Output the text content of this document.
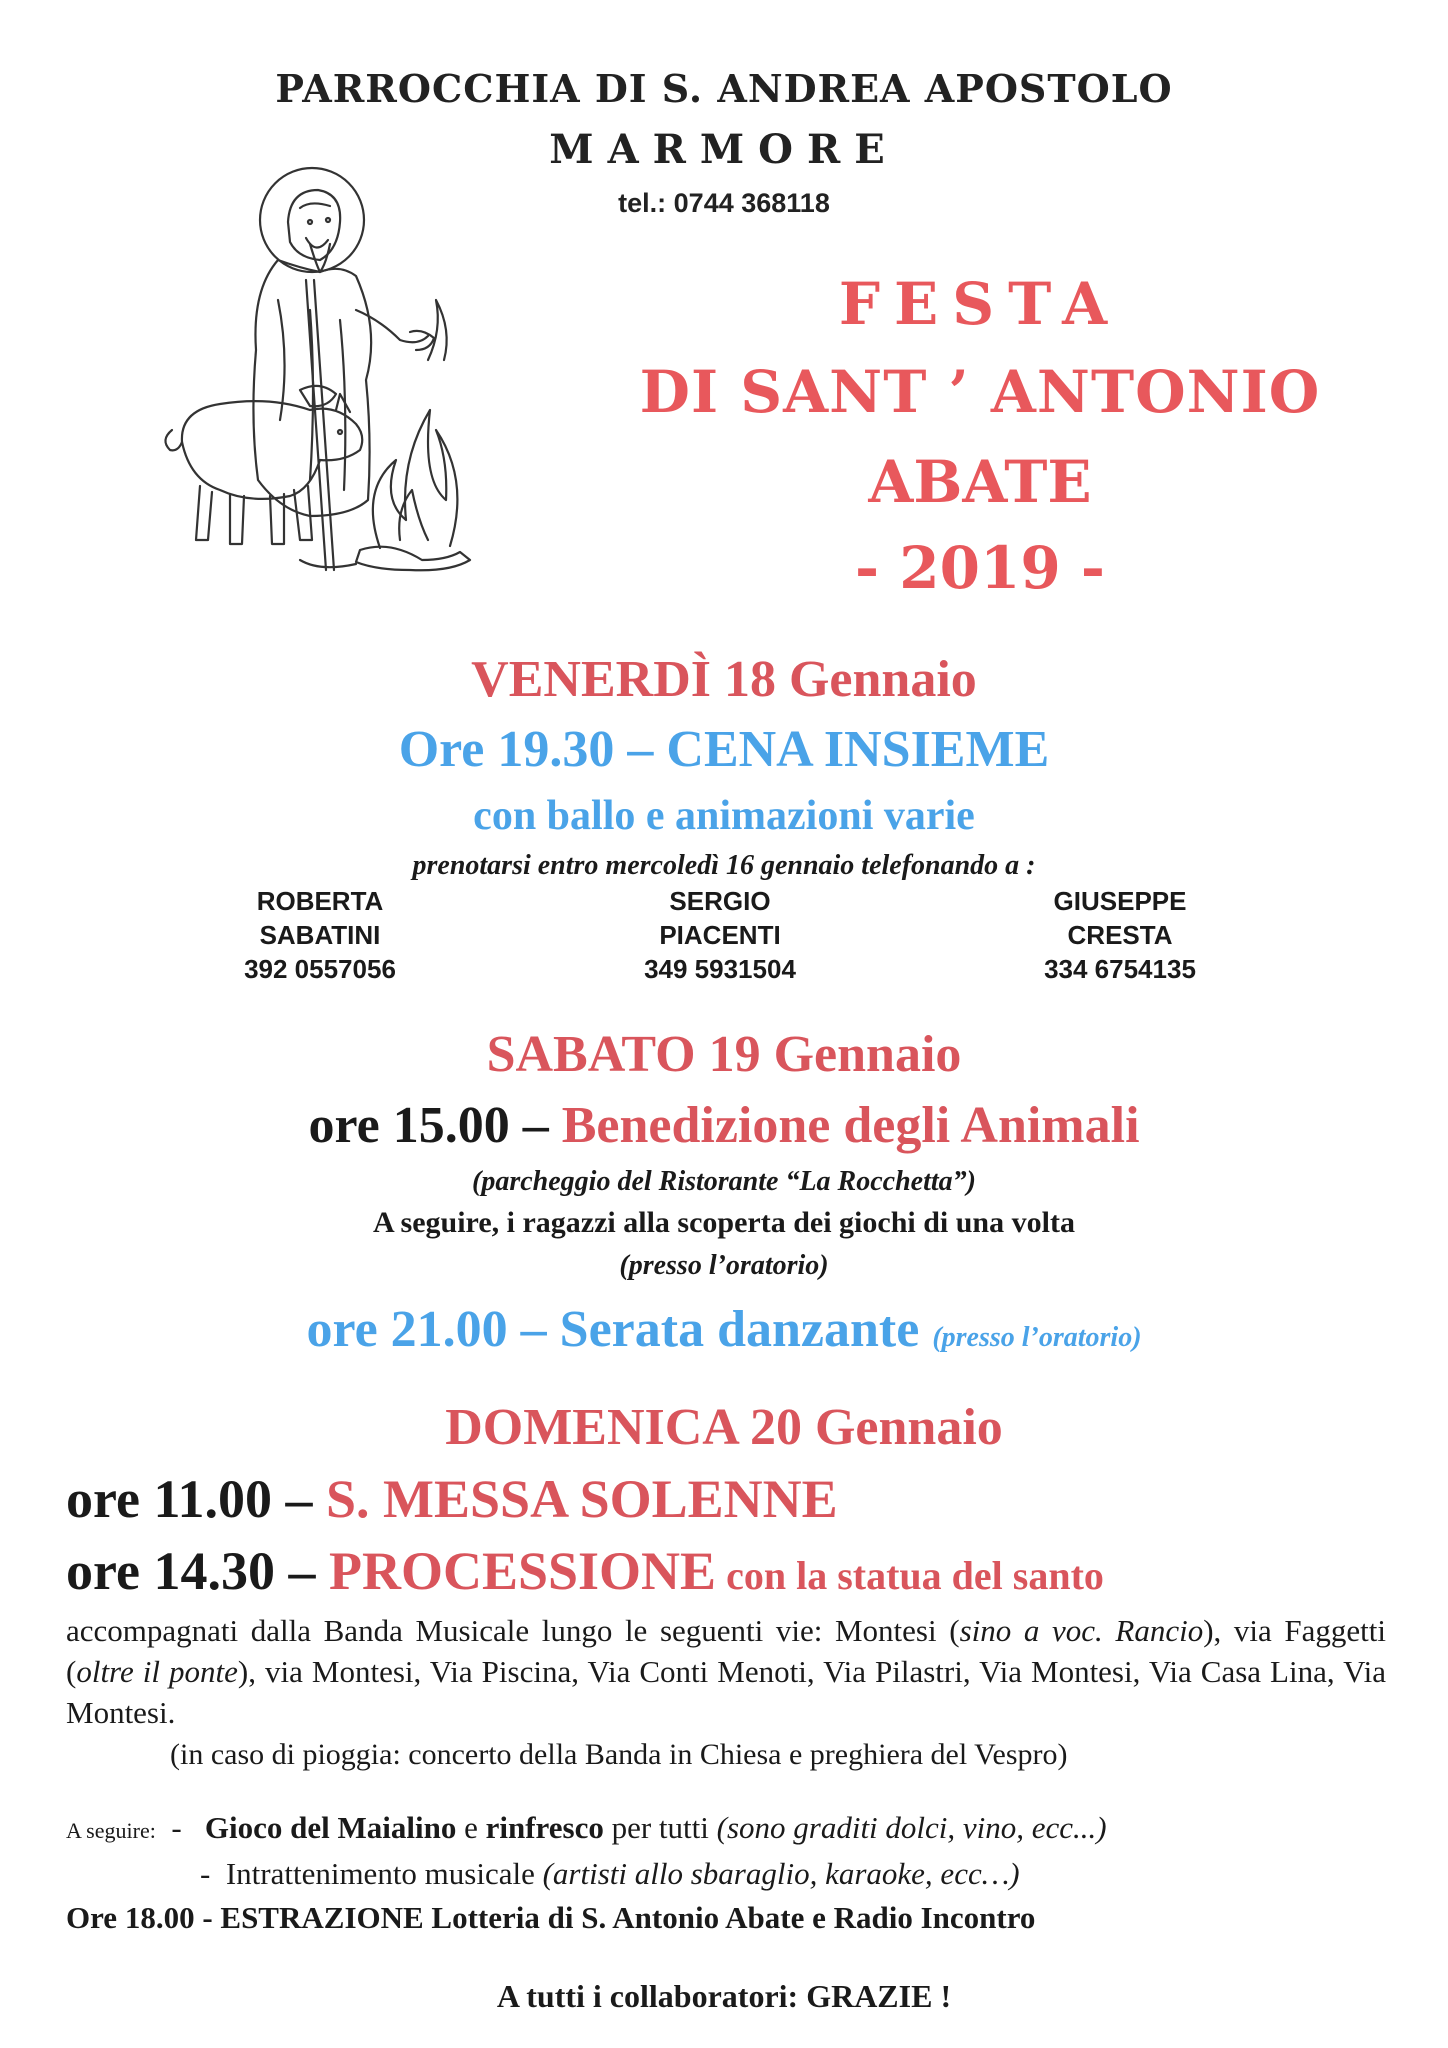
PARROCCHIA DI S. ANDREA APOSTOLO
MARMORE
tel.: 0744 368118
FESTA
DI SANT ’ ANTONIO
ABATE
- 2019 -
VENERDÌ 18 Gennaio
Ore 19.30 – CENA INSIEME
con ballo e animazioni varie
prenotarsi entro mercoledì 16 gennaio telefonando a :
ROBERTA
SABATINI
392 0557056
SERGIO
PIACENTI
349 5931504
GIUSEPPE
CRESTA
334 6754135
SABATO 19 Gennaio
ore 15.00 – Benedizione degli Animali
(parcheggio del Ristorante “La Rocchetta”)
A seguire, i ragazzi alla scoperta dei giochi di una volta
(presso l’oratorio)
ore 21.00 – Serata danzante (presso l’oratorio)
DOMENICA 20 Gennaio
ore 11.00 – S. MESSA SOLENNE
ore 14.30 – PROCESSIONE con la statua del santo
accompagnati dalla Banda Musicale lungo le seguenti vie: Montesi (sino a voc. Rancio), via Faggetti (oltre il ponte), via Montesi, Via Piscina, Via Conti Menoti, Via Pilastri, Via Montesi, Via Casa Lina, Via Montesi.
(in caso di pioggia: concerto della Banda in Chiesa e preghiera del Vespro)
A seguire:  -   Gioco del Maialino e rinfresco per tutti (sono graditi dolci, vino, ecc...)
-  Intrattenimento musicale (artisti allo sbaraglio, karaoke, ecc…)
Ore 18.00 - ESTRAZIONE Lotteria di S. Antonio Abate e Radio Incontro
A tutti i collaboratori: GRAZIE !
